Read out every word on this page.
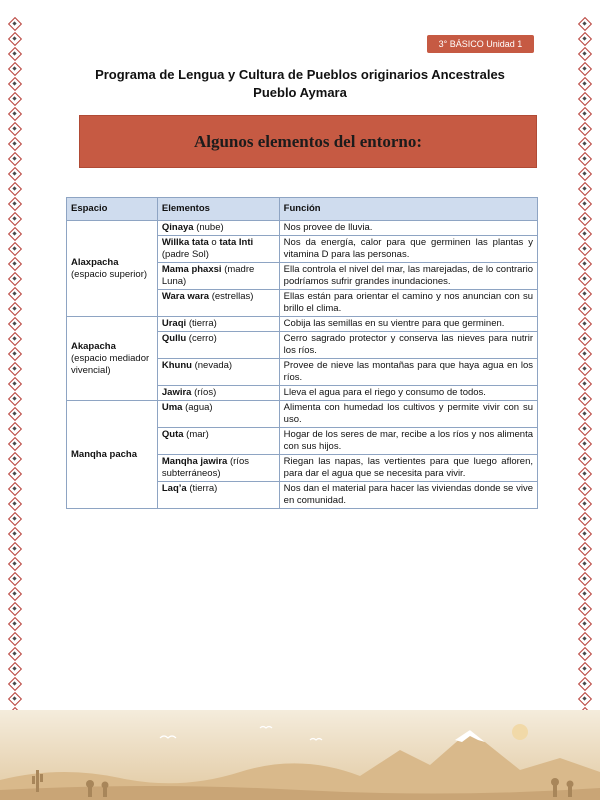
3° BÁSICO Unidad 1
Programa de Lengua y Cultura de Pueblos originarios Ancestrales
Pueblo Aymara
Algunos elementos del entorno:
Espacio	Elementos	Función

Alaxpacha
(espacio superior)	Qinaya (nube)	Nos provee de lluvia.
	Willka tata o tata Inti (padre Sol)	Nos da energía, calor para que germinen las plantas y vitamina D para las personas.
	Mama phaxsi (madre Luna)	Ella controla el nivel del mar, las marejadas, de lo contrario podríamos sufrir grandes inundaciones.
	Wara wara (estrellas)	Ellas están para orientar el camino y nos anuncian con su brillo el clima.

Akapacha
(espacio mediador vivencial)	Uraqi (tierra)	Cobija las semillas en su vientre para que germinen.
	Qullu (cerro)	Cerro sagrado protector y conserva las nieves para nutrir los ríos.
	Khunu (nevada)	Provee de nieve las montañas para que haya agua en los ríos.
	Jawira (ríos)	Lleva el agua para el riego y consumo de todos.

Manqha pacha	Uma (agua)	Alimenta con humedad los cultivos y permite vivir con su uso.
	Quta (mar)	Hogar de los seres de mar, recibe a los ríos y nos alimenta con sus hijos.
	Manqha jawira (ríos subterráneos)	Riegan las napas, las vertientes para que luego afloren, para dar el agua que se necesita para vivir.
	Laq’a (tierra)	Nos dan el material para hacer las viviendas donde se vive en comunidad.
